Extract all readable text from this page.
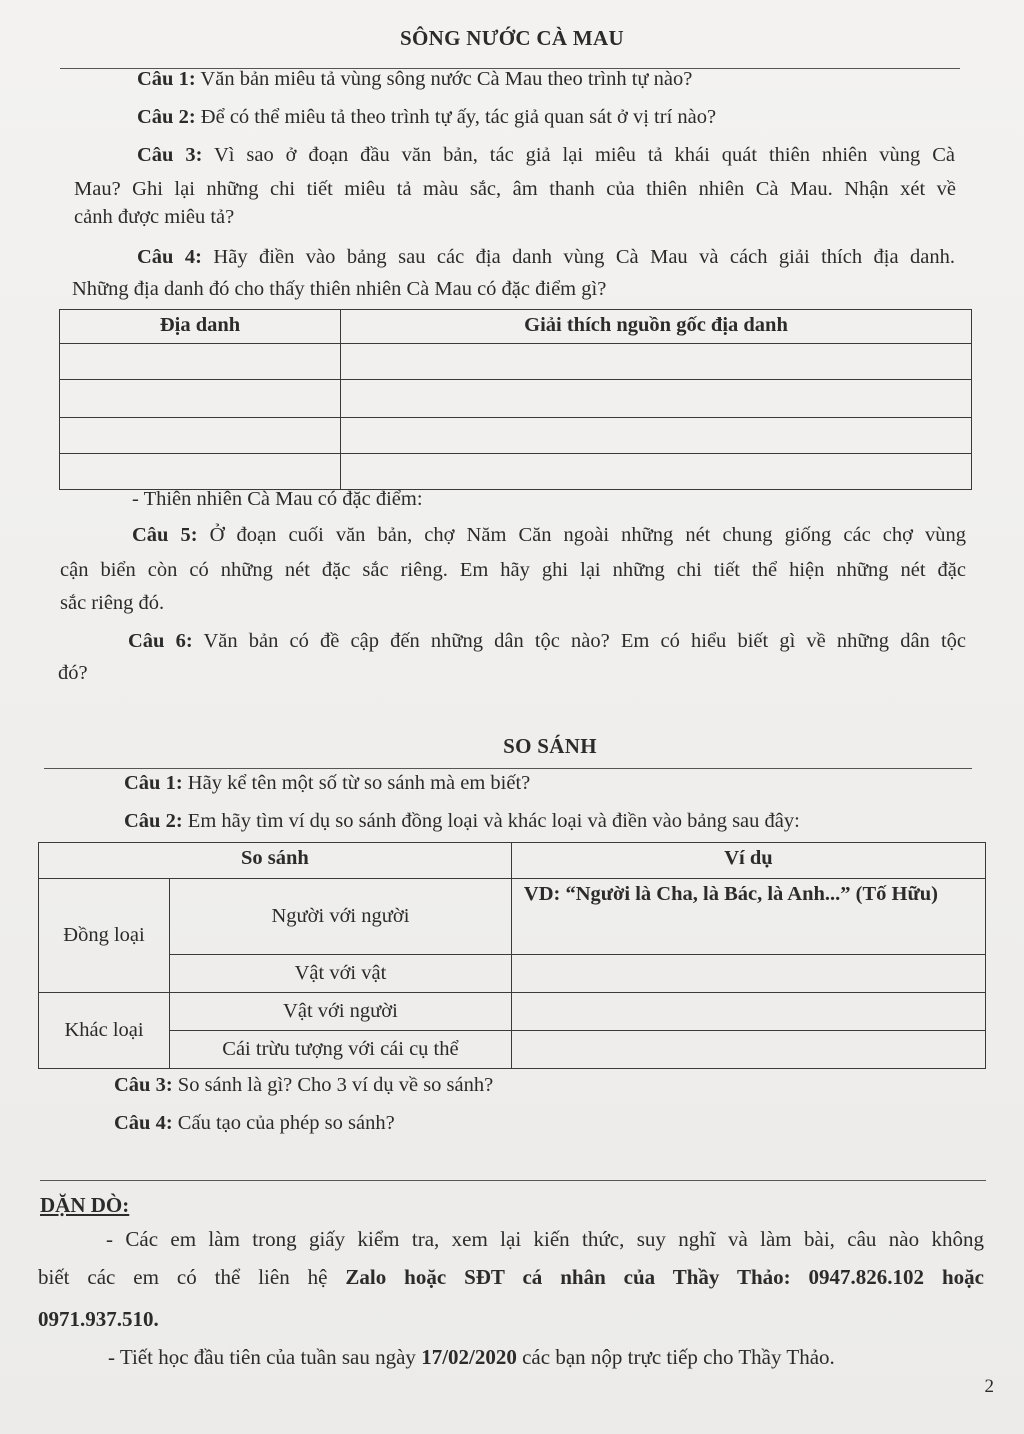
SÔNG NƯỚC CÀ MAU
Câu 1: Văn bản miêu tả vùng sông nước Cà Mau theo trình tự nào?
Câu 2: Để có thể miêu tả theo trình tự ấy, tác giả quan sát ở vị trí nào?
Câu 3: Vì sao ở đoạn đầu văn bản, tác giả lại miêu tả khái quát thiên nhiên vùng Cà
Mau? Ghi lại những chi tiết miêu tả màu sắc, âm thanh của thiên nhiên Cà Mau. Nhận xét về
cảnh được miêu tả?
Câu 4: Hãy điền vào bảng sau các địa danh vùng Cà Mau và cách giải thích địa danh.
Những địa danh đó cho thấy thiên nhiên Cà Mau có đặc điểm gì?
Địa danh	Giải thích nguồn gốc địa danh

- Thiên nhiên Cà Mau có đặc điểm:
Câu 5: Ở đoạn cuối văn bản, chợ Năm Căn ngoài những nét chung giống các chợ vùng
cận biển còn có những nét đặc sắc riêng. Em hãy ghi lại những chi tiết thể hiện những nét đặc
sắc riêng đó.
Câu 6: Văn bản có đề cập đến những dân tộc nào? Em có hiểu biết gì về những dân tộc
đó?
SO SÁNH
Câu 1: Hãy kể tên một số từ so sánh mà em biết?
Câu 2: Em hãy tìm ví dụ so sánh đồng loại và khác loại và điền vào bảng sau đây:
So sánh		Ví dụ
Đồng loại	Người với người	VD: “Người là Cha, là Bác, là Anh...” (Tố Hữu)
	Vật với vật	
Khác loại	Vật với người	
	Cái trừu tượng với cái cụ thể	
Câu 3: So sánh là gì? Cho 3 ví dụ về so sánh?
Câu 4: Cấu tạo của phép so sánh?
DẶN DÒ:
- Các em làm trong giấy kiểm tra, xem lại kiến thức, suy nghĩ và làm bài, câu nào không
biết các em có thể liên hệ Zalo hoặc SĐT cá nhân của Thầy Thảo: 0947.826.102 hoặc
0971.937.510.
- Tiết học đầu tiên của tuần sau ngày 17/02/2020 các bạn nộp trực tiếp cho Thầy Thảo.
2
